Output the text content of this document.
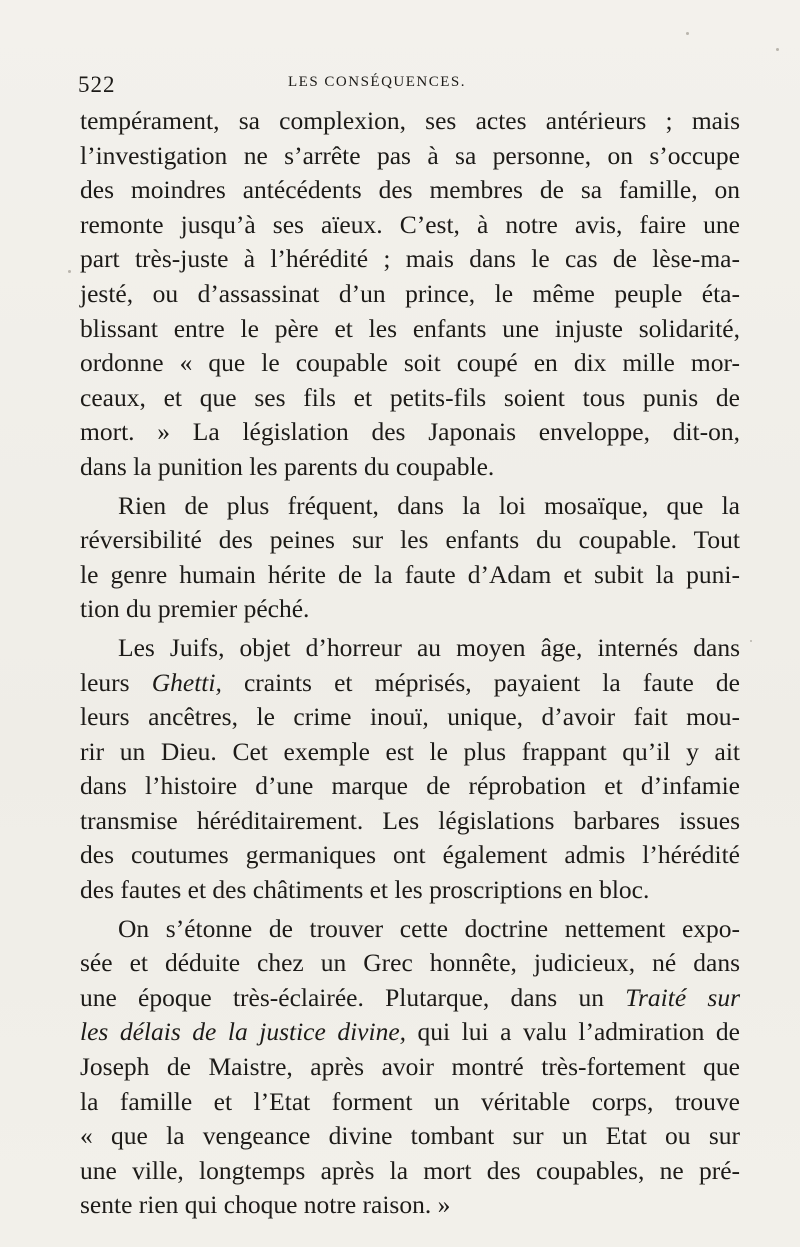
522	LES CONSÉQUENCES.
tempérament, sa complexion, ses actes antérieurs ; mais
l’investigation ne s’arrête pas à sa personne, on s’occupe
des moindres antécédents des membres de sa famille, on
remonte jusqu’à ses aïeux. C’est, à notre avis, faire une
part très-juste à l’hérédité ; mais dans le cas de lèse-ma-
jesté, ou d’assassinat d’un prince, le même peuple éta-
blissant entre le père et les enfants une injuste solidarité,
ordonne « que le coupable soit coupé en dix mille mor-
ceaux, et que ses fils et petits-fils soient tous punis de
mort. » La législation des Japonais enveloppe, dit-on,
dans la punition les parents du coupable.
Rien de plus fréquent, dans la loi mosaïque, que la
réversibilité des peines sur les enfants du coupable. Tout
le genre humain hérite de la faute d’Adam et subit la puni-
tion du premier péché.
Les Juifs, objet d’horreur au moyen âge, internés dans
leurs Ghetti, craints et méprisés, payaient la faute de
leurs ancêtres, le crime inouï, unique, d’avoir fait mou-
rir un Dieu. Cet exemple est le plus frappant qu’il y ait
dans l’histoire d’une marque de réprobation et d’infamie
transmise héréditairement. Les législations barbares issues
des coutumes germaniques ont également admis l’hérédité
des fautes et des châtiments et les proscriptions en bloc.
On s’étonne de trouver cette doctrine nettement expo-
sée et déduite chez un Grec honnête, judicieux, né dans
une époque très-éclairée. Plutarque, dans un Traité sur
les délais de la justice divine, qui lui a valu l’admiration de
Joseph de Maistre, après avoir montré très-fortement que
la famille et l’Etat forment un véritable corps, trouve
« que la vengeance divine tombant sur un Etat ou sur
une ville, longtemps après la mort des coupables, ne pré-
sente rien qui choque notre raison. »
